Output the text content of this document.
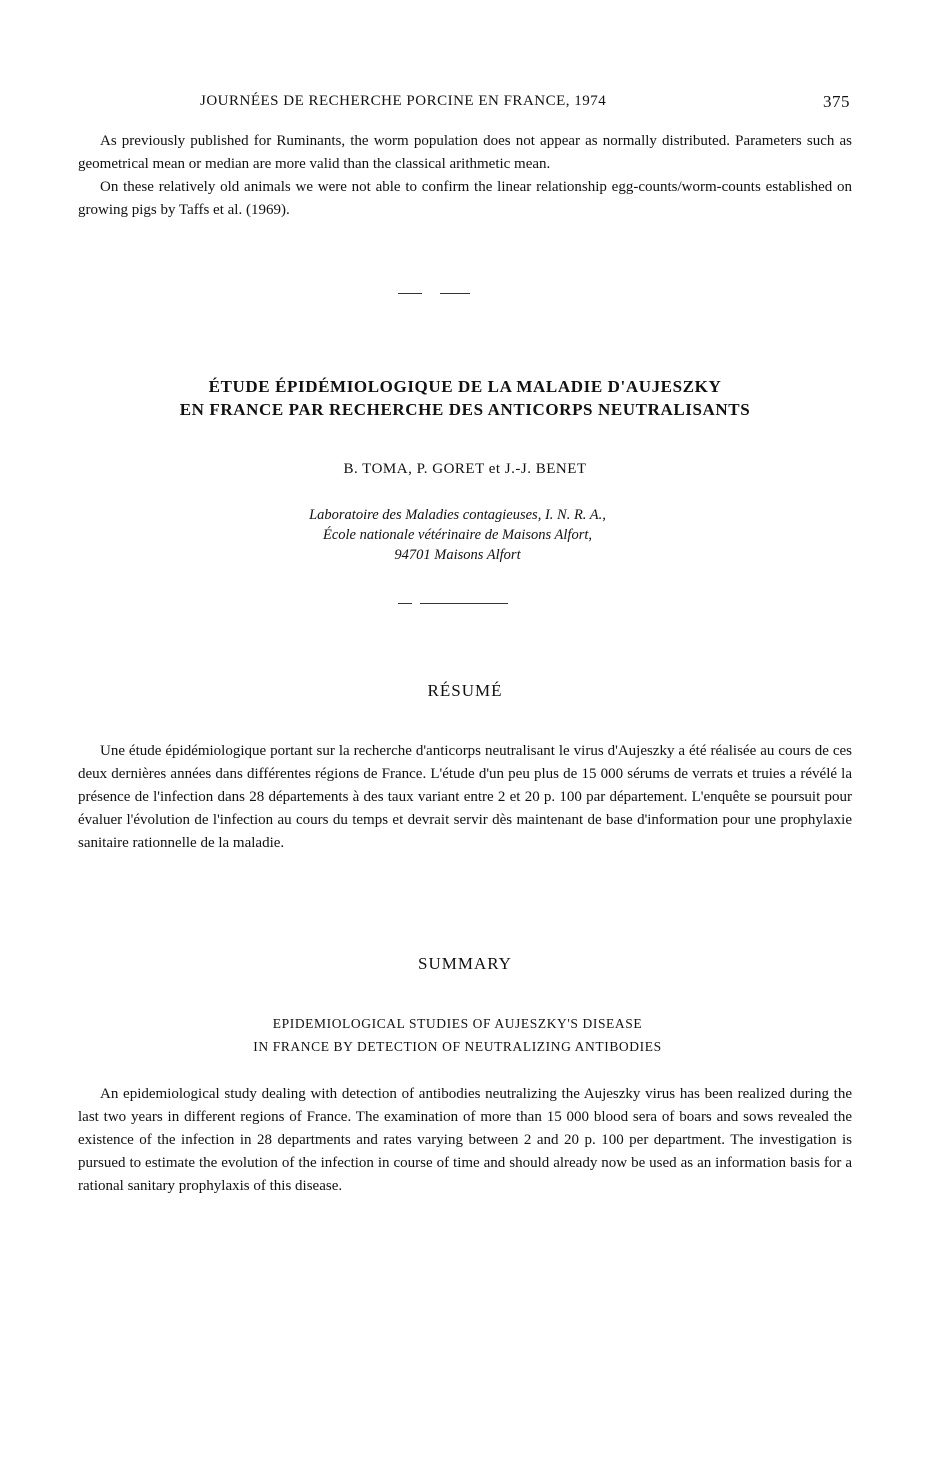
JOURNÉES DE RECHERCHE PORCINE EN FRANCE, 1974	375

As previously published for Ruminants, the worm population does not appear as normally distributed. Parameters such as geometrical mean or median are more valid than the classical arithmetic mean.

On these relatively old animals we were not able to confirm the linear relationship egg-counts/worm-counts established on growing pigs by Taffs et al. (1969).

ÉTUDE ÉPIDÉMIOLOGIQUE DE LA MALADIE D'AUJESZKY
EN FRANCE PAR RECHERCHE DES ANTICORPS NEUTRALISANTS
B. TOMA, P. GORET et J.-J. BENET
Laboratoire des Maladies contagieuses, I. N. R. A.,
École nationale vétérinaire de Maisons Alfort,
94701 Maisons Alfort
RÉSUMÉ

Une étude épidémiologique portant sur la recherche d'anticorps neutralisant le virus d'Aujeszky a été réalisée au cours de ces deux dernières années dans différentes régions de France. L'étude d'un peu plus de 15 000 sérums de verrats et truies a révélé la présence de l'infection dans 28 départements à des taux variant entre 2 et 20 p. 100 par département. L'enquête se poursuit pour évaluer l'évolution de l'infection au cours du temps et devrait servir dès maintenant de base d'information pour une prophylaxie sanitaire rationnelle de la maladie.

SUMMARY
EPIDEMIOLOGICAL STUDIES OF AUJESZKY'S DISEASE
IN FRANCE BY DETECTION OF NEUTRALIZING ANTIBODIES

An epidemiological study dealing with detection of antibodies neutralizing the Aujeszky virus has been realized during the last two years in different regions of France. The examination of more than 15 000 blood sera of boars and sows revealed the existence of the infection in 28 departments and rates varying between 2 and 20 p. 100 per department. The investigation is pursued to estimate the evolution of the infection in course of time and should already now be used as an information basis for a rational sanitary prophylaxis of this disease.
